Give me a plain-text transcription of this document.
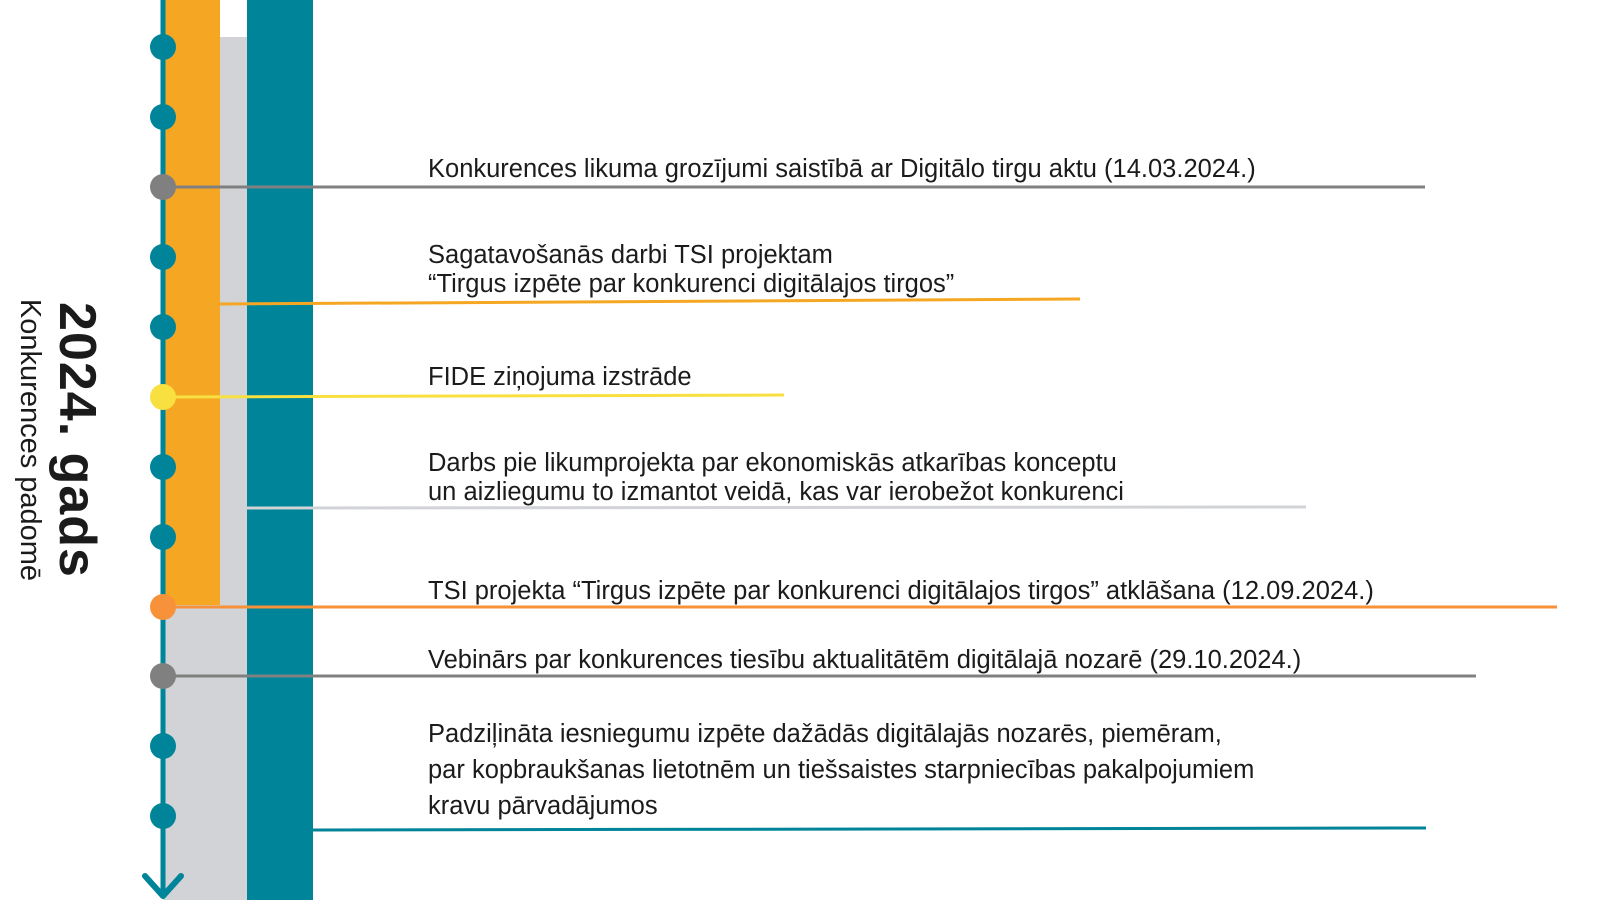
2024. gads
Konkurences padomē
Konkurences likuma grozījumi saistībā ar Digitālo tirgu aktu (14.03.2024.)
Sagatavošanās darbi TSI projektam
“Tirgus izpēte par konkurenci digitālajos tirgos”
FIDE ziņojuma izstrāde
Darbs pie likumprojekta par ekonomiskās atkarības konceptu
un aizliegumu to izmantot veidā, kas var ierobežot konkurenci
TSI projekta “Tirgus izpēte par konkurenci digitālajos tirgos” atklāšana (12.09.2024.)
Vebinārs par konkurences tiesību aktualitātēm digitālajā nozarē (29.10.2024.)
Padziļināta iesniegumu izpēte dažādās digitālajās nozarēs, piemēram,
par kopbraukšanas lietotnēm un tiešsaistes starpniecības pakalpojumiem
kravu pārvadājumos
